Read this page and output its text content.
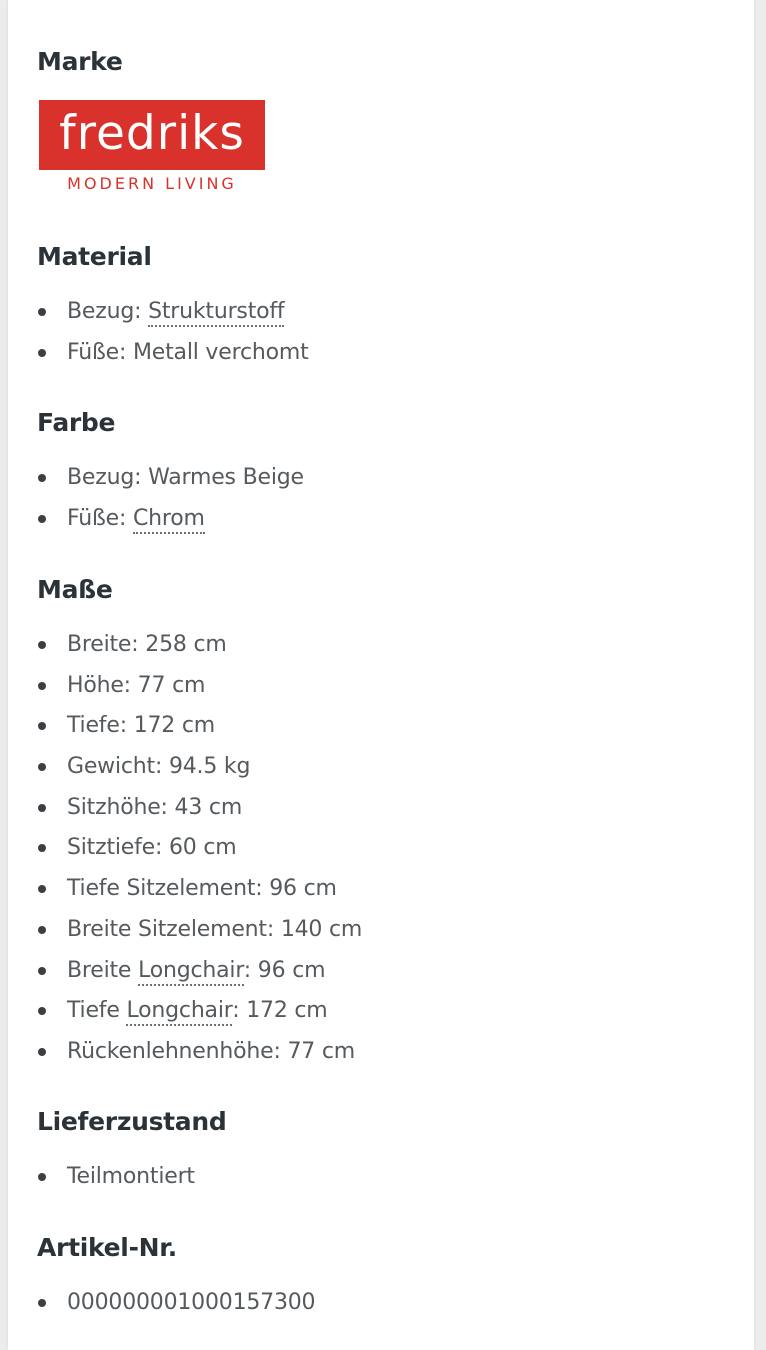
Marke
fredriks
MODERN LIVING
Material
Bezug: Strukturstoff
Füße: Metall verchomt
Farbe
Bezug: Warmes Beige
Füße: Chrom
Maße
Breite: 258 cm
Höhe: 77 cm
Tiefe: 172 cm
Gewicht: 94.5 kg
Sitzhöhe: 43 cm
Sitztiefe: 60 cm
Tiefe Sitzelement: 96 cm
Breite Sitzelement: 140 cm
Breite Longchair: 96 cm
Tiefe Longchair: 172 cm
Rückenlehnenhöhe: 77 cm
Lieferzustand
Teilmontiert
Artikel-Nr.
000000001000157300
